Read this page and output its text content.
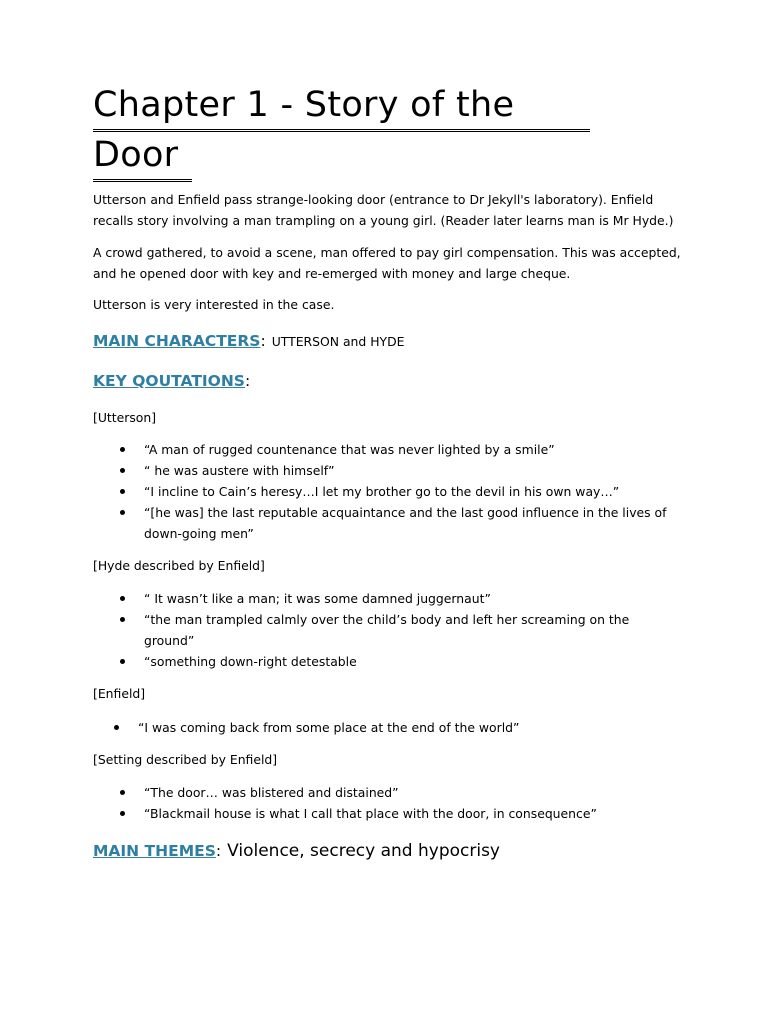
Chapter 1 - Story of the
Door

Utterson and Enfield pass strange-looking door (entrance to Dr Jekyll's laboratory). Enfield recalls story involving a man trampling on a young girl. (Reader later learns man is Mr Hyde.)

A crowd gathered, to avoid a scene, man offered to pay girl compensation. This was accepted, and he opened door with key and re-emerged with money and large cheque.

Utterson is very interested in the case.

MAIN CHARACTERS : UTTERSON and HYDE
KEY QOUTATIONS :

[Utterson]

“A man of rugged countenance that was never lighted by a smile”
“ he was austere with himself”
“I incline to Cain’s heresy…I let my brother go to the devil in his own way…”
“[he was] the last reputable acquaintance and the last good influence in the lives of down-going men”

[Hyde described by Enfield]

“ It wasn’t like a man; it was some damned juggernaut”
“the man trampled calmly over the child’s body and left her screaming on the ground”
“something down-right detestable

[Enfield]

“I was coming back from some place at the end of the world”

[Setting described by Enfield]

“The door… was blistered and distained”
“Blackmail house is what I call that place with the door, in consequence”
MAIN THEMES : Violence, secrecy and hypocrisy
